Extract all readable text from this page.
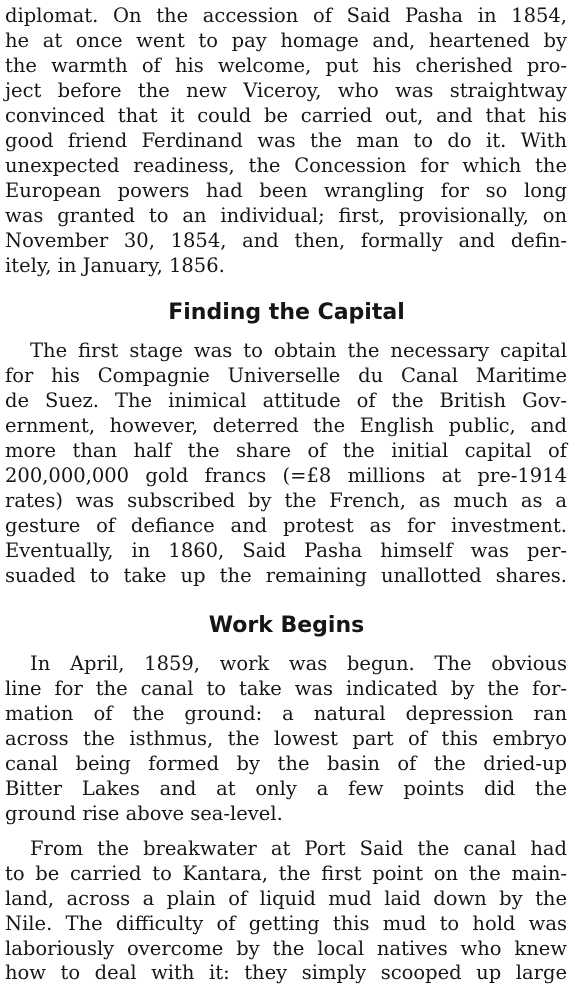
diplomat. On the accession of Said Pasha in 1854,
he at once went to pay homage and, heartened by
the warmth of his welcome, put his cherished pro-
ject before the new Viceroy, who was straightway
convinced that it could be carried out, and that his
good friend Ferdinand was the man to do it. With
unexpected readiness, the Concession for which the
European powers had been wrangling for so long
was granted to an individual; first, provisionally, on
November 30, 1854, and then, formally and defin-
itely, in January, 1856.
Finding the Capital
The first stage was to obtain the necessary capital
for his Compagnie Universelle du Canal Maritime
de Suez. The inimical attitude of the British Gov-
ernment, however, deterred the English public, and
more than half the share of the initial capital of
200,000,000 gold francs (=£8 millions at pre-1914
rates) was subscribed by the French, as much as a
gesture of defiance and protest as for investment.
Eventually, in 1860, Said Pasha himself was per-
suaded to take up the remaining unallotted shares.
Work Begins
In April, 1859, work was begun. The obvious
line for the canal to take was indicated by the for-
mation of the ground: a natural depression ran
across the isthmus, the lowest part of this embryo
canal being formed by the basin of the dried-up
Bitter Lakes and at only a few points did the
ground rise above sea-level.
From the breakwater at Port Said the canal had
to be carried to Kantara, the first point on the main-
land, across a plain of liquid mud laid down by the
Nile. The difficulty of getting this mud to hold was
laboriously overcome by the local natives who knew
how to deal with it: they simply scooped up large
